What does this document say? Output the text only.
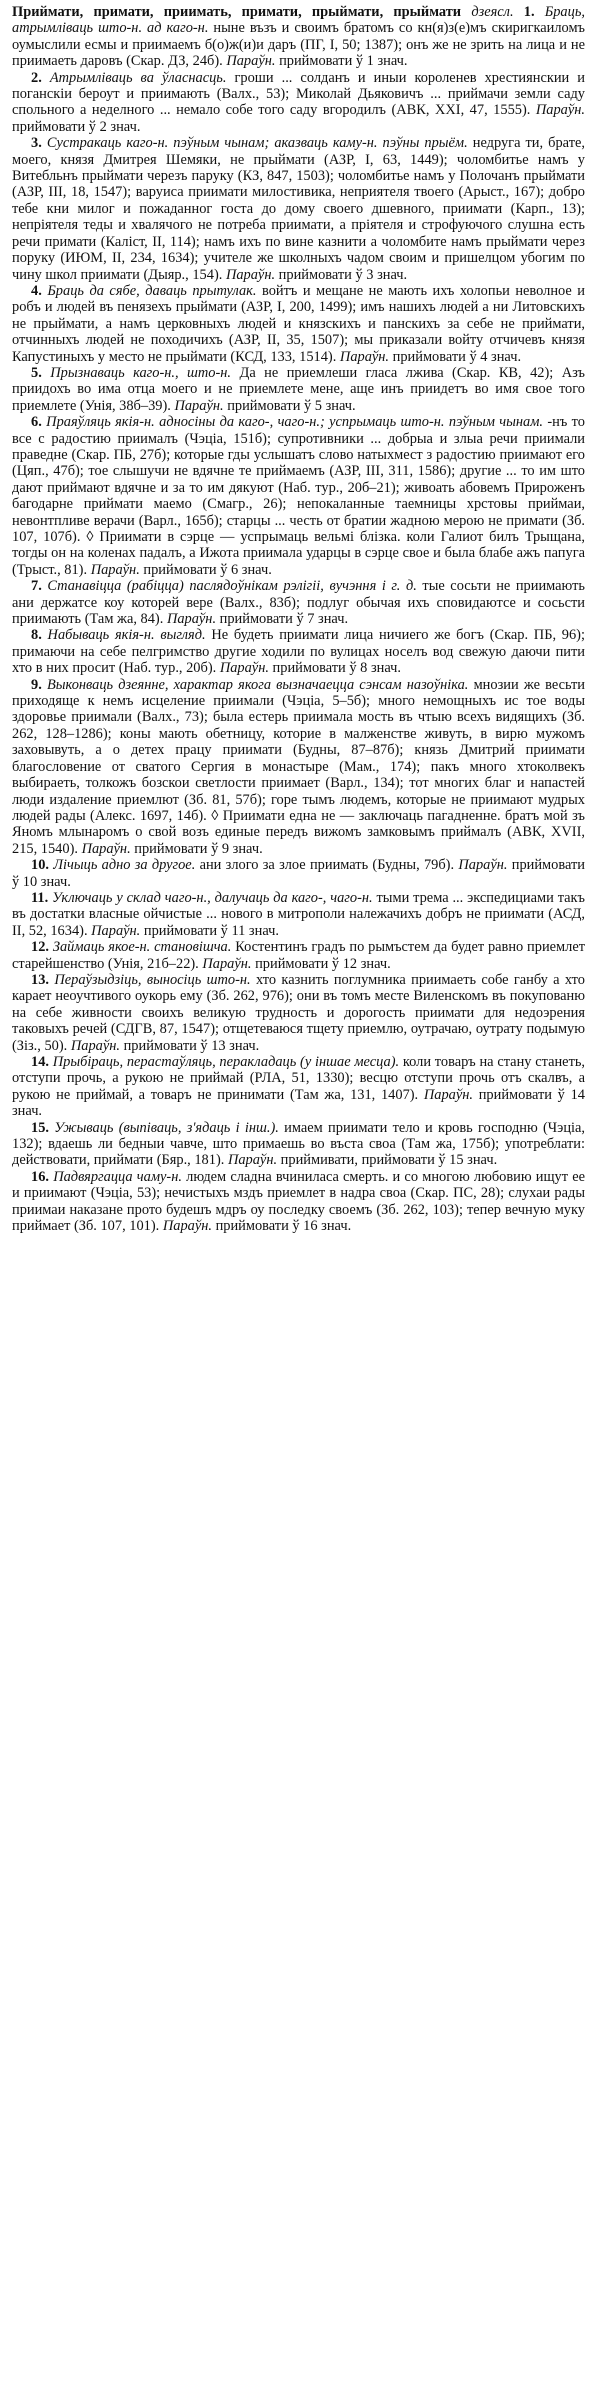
Приймати, примати, приимать, примати, прыймати, прыймати дзеясл. 1. Браць, атрымліваць што-н. ад каго-н. ныне възъ и своимъ братомъ со кн(я)з(е)мъ скиригкаиломъ оумыслили есмы и приимаемъ б(о)ж(и)и даръ (ПГ, I, 50; 1387); онъ же не зрить на лица и не приимаеть даровъ (Скар. ДЗ, 24б). Параўн. приймовати ў 1 знач.

2. Атрымліваць ва ўласнасць. гроши ... солданъ и иныи короленев хрестиянскии и поганскіи бероут и приимають (Валх., 53); Миколай Дьяковичъ ... приймачи земли саду спольного а неделного ... немало собе того саду вгородилъ (АВК, XXI, 47, 1555). Параўн. приймовати ў 2 знач.

3. Сустракаць каго-н. пэўным чынам; аказваць каму-н. пэўны прыём. недруга ти, брате, моего, князя Дмитрея Шемяки, не прыймати (АЗР, I, 63, 1449); чоломбитье намъ у Витебльнъ прыймати черезъ паруку (КЗ, 847, 1503); чоломбитье намъ у Полочанъ прыймати (АЗР, III, 18, 1547); варуиса приимати милостивика, неприятеля твоего (Арыст., 167); добро тебе кни милог и пожаданног госта до дому своего дшевного, приимати (Карп., 13); непріятеля теды и хвалячого не потреба приимати, а пріятеля и строфуючого слушна есть речи примати (Каліст, II, 114); намъ ихъ по вине казнити а чоломбите намъ прыймати через поруку (ИЮМ, II, 234, 1634); учителе же школныхъ чадом своим и пришелцом убогим по чину школ приимати (Дыяр., 154). Параўн. приймовати ў 3 знач.

4. Браць да сябе, даваць прытулак. войтъ и мещане не мають ихъ холопьи неволное и робъ и людей въ пенязехъ прыймати (АЗР, I, 200, 1499); имъ нашихъ людей а ни Литовскихъ не прыймати, а намъ церковныхъ людей и князскихъ и панскихъ за себе не приймати, отчинныхъ людей не походичихъ (АЗР, II, 35, 1507); мы приказали войту отчичевъ князя Капустиныхъ у место не прыймати (КСД, 133, 1514). Параўн. приймовати ў 4 знач.

5. Прызнаваць каго-н., што-н. Да не приемлеши гласа лжива (Скар. КВ, 42); Азъ приидохъ во има отца моего и не приемлете мене, аще инъ приидетъ во имя свое того приемлете (Унія, 38б–39). Параўн. приймовати ў 5 знач.

6. Праяўляць якія-н. адносіны да каго-, чаго-н.; успрымаць што-н. пэўным чынам. -нъ то все с радостию приималъ (Чэціа, 151б); супротивники ... добрыа и злыа речи приимали праведне (Скар. ПБ, 27б); которые гды услышатъ слово натыхмест з радостию приимают его (Цяп., 47б); тое слышучи не вдячне те приймаемъ (АЗР, III, 311, 1586); другие ... то им што дают приймают вдячне и за то им дякуют (Наб. тур., 20б–21); живоать абовемъ Прироженъ багодарне приймати маемо (Смагр., 26); непокаланные таемницы хрстовы приймаи, невонтпливе верачи (Варл., 165б); старцы ... честь от братии жадною мерою не примати (Зб. 107, 107б). ◊ Приимати в сэрце — успрымаць вельмі блізка. коли Галиот билъ Трыщана, тогды он на коленах падалъ, а Ижота приимала ударцы в сэрце свое и была блабе ажъ папуга (Трыст., 81). Параўн. приймовати ў 6 знач.

7. Станавіцца (рабіцца) паслядоўнікам рэлігіі, вучэння і г. д. тые сосьти не приимають ани держатсе коу которей вере (Валх., 83б); подлуг обычая ихъ сповидаютсе и сосьсти приимають (Там жа, 84). Параўн. приймовати ў 7 знач.

8. Набываць якія-н. выгляд. Не будеть приимати лица ничиего же богъ (Скар. ПБ, 96); примаючи на себе пелгримство другие ходили по вулицах носелъ вод свежую даючи пити хто в них просит (Наб. тур., 20б). Параўн. приймовати ў 8 знач.

9. Выконваць дзеянне, характар якога вызначаецца сэнсам назоўніка. мнозии же весьти приходяще к немъ исцеление приимали (Чэціа, 5–5б); много немощныхъ ис тое воды здоровье приимали (Валх., 73); была естерь приимала мость въ чтыю всехъ видящихъ (Зб. 262, 128–1286); коны мають обетницу, которие в малженстве живуть, в вирю мужомъ заховывуть, а о детех працу приимати (Будны, 87–87б); князь Дмитрий приимати благословение от сватого Сергия в монастыре (Мам., 174); пакъ много хтоколвекъ выбираеть, толкожъ бозскои светлости приимает (Варл., 134); тот многих благ и напастей люди издаление приемлют (Зб. 81, 57б); горе тымъ людемъ, которые не приимают мудрых людей рады (Алекс. 1697, 14б). ◊ Приимати една не — заключаць пагадненне. братъ мой зъ Яномъ млынаромъ о свой возъ единые передъ вижомъ замковымъ приймалъ (АВК, XVII, 215, 1540). Параўн. приймовати ў 9 знач.

10. Лічыць адно за другое. ани злого за злое приимать (Будны, 79б). Параўн. приймовати ў 10 знач.

11. Уключаць у склад чаго-н., далучаць да каго-, чаго-н. тыми трема ... экспедициами такъ въ достатки власные ойчистые ... нового в митрополи належачихъ добръ не приимати (АСД, II, 52, 1634). Параўн. приймовати ў 11 знач.

12. Займаць якое-н. становішча. Костентинъ градъ по рымъстем да будет равно приемлет старейшенство (Унія, 21б–22). Параўн. приймовати ў 12 знач.

13. Пераўзыдзіць, выносіць што-н. хто казнить поглумника приимаеть собе ганбу а хто карает неоучтивого оукорь ему (Зб. 262, 976); они въ томъ месте Виленскомъ въ покупованю на себе живности своихъ великую трудность и дорогость приимати для недоэрения таковыхъ речей (СДГВ, 87, 1547); отщетеваюся тщету приемлю, оутрачаю, оутрату подымую (Зіз., 50). Параўн. приймовати ў 13 знач.

14. Прыбіраць, перастаўляць, перакладаць (у іншае месца). коли товаръ на стану станеть, отступи прочь, а рукою не приймай (РЛА, 51, 1330); весцю отступи прочь отъ скалвъ, а рукою не приймай, а товаръ не принимати (Там жа, 131, 1407). Параўн. приймовати ў 14 знач.

15. Ужываць (выпіваць, з'ядаць і інш.). имаем приимати тело и кровь господню (Чэціа, 132); вдаешь ли бедныи чавче, што примаешь во въста своа (Там жа, 175б); употреблати: действовати, приймати (Бяр., 181). Параўн. приймивати, приймовати ў 15 знач.

16. Падвяргацца чаму-н. людем сладна вчинилаcа смерть. и со многою любовию ищут ее и приимают (Чэціа, 53); нечистыхъ мздъ приемлет в надра своа (Скар. ПС, 28); слухаи рады приимаи наказане прото будешъ мдръ оу последку своемъ (Зб. 262, 103); тепер вечную муку приймает (Зб. 107, 101). Параўн. приймовати ў 16 знач.
